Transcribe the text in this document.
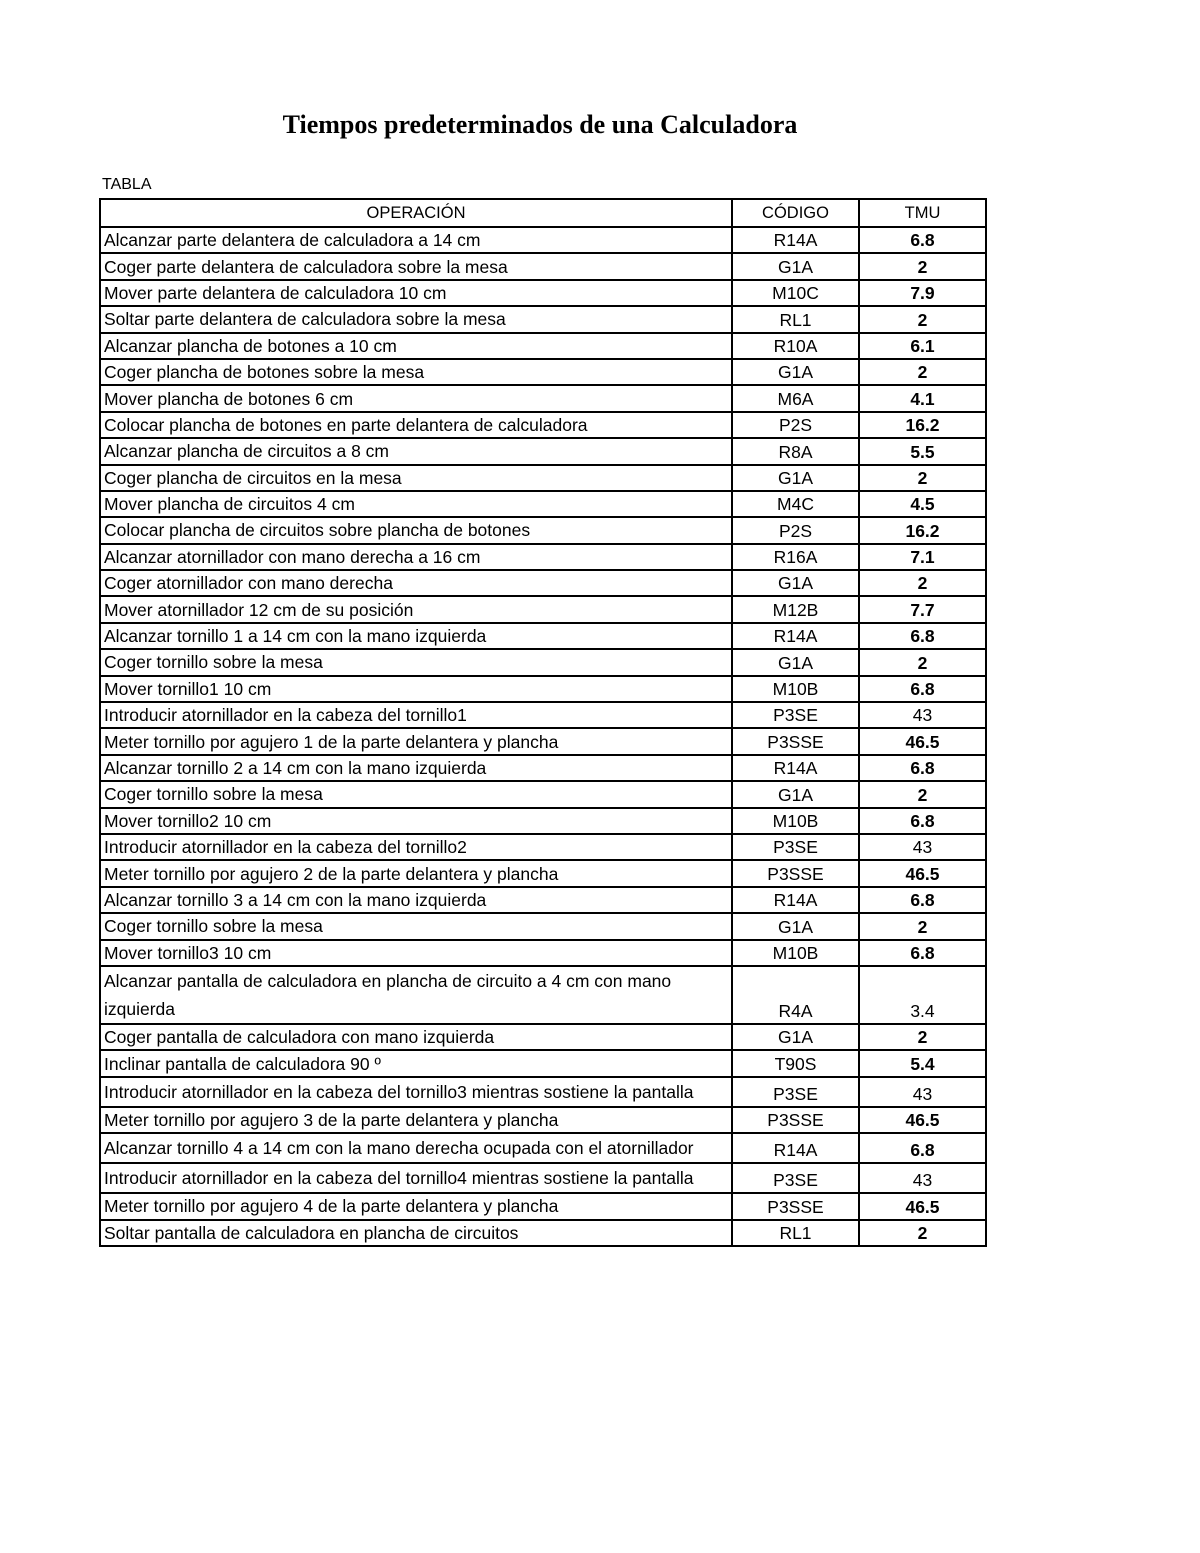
Tiempos predeterminados de una Calculadora
TABLA
OPERACIÓN	CÓDIGO	TMU
Alcanzar parte delantera de calculadora a 14 cm	R14A	6.8
Coger parte delantera de calculadora sobre la mesa	G1A	2
Mover parte delantera de calculadora 10 cm	M10C	7.9
Soltar parte delantera de calculadora sobre la mesa	RL1	2
Alcanzar plancha de botones a 10 cm	R10A	6.1
Coger plancha de botones sobre la mesa	G1A	2
Mover plancha de botones 6 cm	M6A	4.1
Colocar plancha de botones en parte delantera de calculadora	P2S	16.2
Alcanzar plancha de circuitos a 8 cm	R8A	5.5
Coger plancha de circuitos en la mesa	G1A	2
Mover plancha de circuitos 4 cm	M4C	4.5
Colocar plancha de circuitos sobre plancha de botones	P2S	16.2
Alcanzar atornillador con mano derecha a 16 cm	R16A	7.1
Coger atornillador con mano derecha	G1A	2
Mover atornillador 12 cm de su posición	M12B	7.7
Alcanzar tornillo 1 a 14 cm con la mano izquierda	R14A	6.8
Coger tornillo sobre la mesa	G1A	2
Mover tornillo1 10 cm	M10B	6.8
Introducir atornillador en la cabeza del tornillo1	P3SE	43
Meter tornillo por agujero 1 de la parte delantera y plancha	P3SSE	46.5
Alcanzar tornillo 2 a 14 cm con la mano izquierda	R14A	6.8
Coger tornillo sobre la mesa	G1A	2
Mover tornillo2 10 cm	M10B	6.8
Introducir atornillador en la cabeza del tornillo2	P3SE	43
Meter tornillo por agujero 2 de la parte delantera y plancha	P3SSE	46.5
Alcanzar tornillo 3 a 14 cm con la mano izquierda	R14A	6.8
Coger tornillo sobre la mesa	G1A	2
Mover tornillo3 10 cm	M10B	6.8
Alcanzar pantalla de calculadora en plancha de circuito a 4 cm con mano izquierda	R4A	3.4
Coger pantalla de calculadora con mano izquierda	G1A	2
Inclinar pantalla de calculadora 90 º	T90S	5.4
Introducir atornillador en la cabeza del tornillo3 mientras sostiene la pantalla	P3SE	43
Meter tornillo por agujero 3 de la parte delantera y plancha	P3SSE	46.5
Alcanzar tornillo 4 a 14 cm con la mano derecha ocupada con el atornillador	R14A	6.8
Introducir atornillador en la cabeza del tornillo4 mientras sostiene la pantalla	P3SE	43
Meter tornillo por agujero 4 de la parte delantera y plancha	P3SSE	46.5
Soltar pantalla de calculadora en plancha de circuitos	RL1	2
